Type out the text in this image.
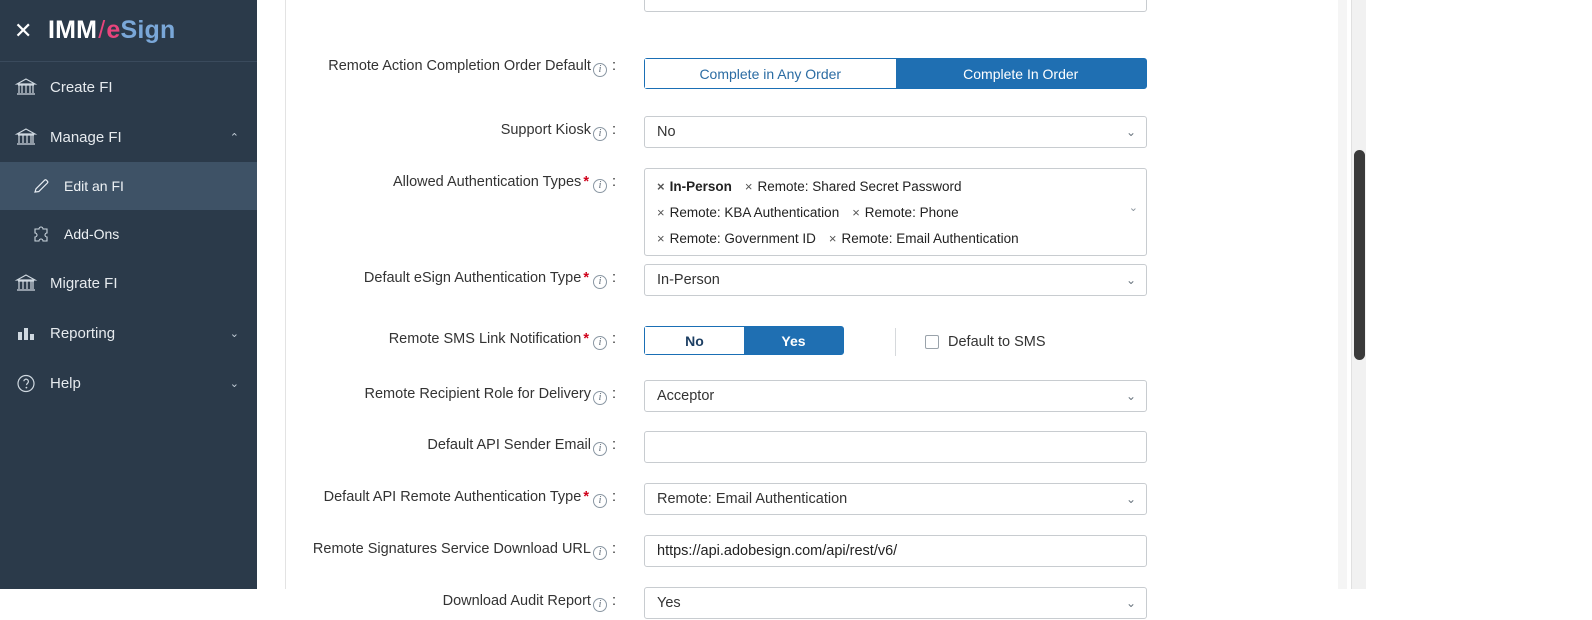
✕ IMM / e Sign
Create FI
Manage FI	⌃
Edit an FI
Add-Ons
Migrate FI
Reporting	⌄
Help	⌄
Remote Action Completion Order Default i :	Complete in Any Order	Complete In Order
Support Kiosk i :	No	⌄
Allowed Authentication Types * i :	× In-Person × Remote: Shared Secret Password
× Remote: KBA Authentication × Remote: Phone
× Remote: Government ID × Remote: Email Authentication
⌄
Default eSign Authentication Type * i :	In-Person	⌄
Remote SMS Link Notification * i :	No	Yes	Default to SMS
Remote Recipient Role for Delivery i :	Acceptor	⌄
Default API Sender Email i :
Default API Remote Authentication Type * i :	Remote: Email Authentication	⌄
Remote Signatures Service Download URL i :
https://api.adobesign.com/api/rest/v6/
Download Audit Report i :	Yes	⌄
